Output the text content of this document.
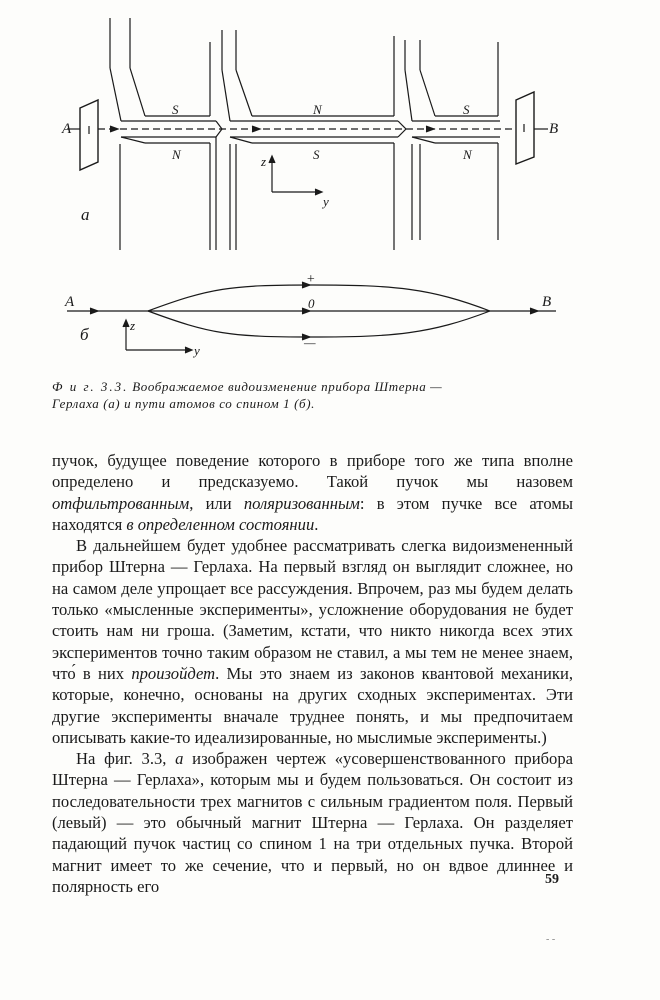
A	B
S
N
N
S
S
N
z
y
a
A	B
+
0
—
z
y
б
Ф и г. 3.3. Воображаемое видоизменение прибора Штерна —
Герлаха (а) и пути атомов со спином 1 (б).

пучок, будущее поведение которого в приборе того же типа вполне определено и предсказуемо. Такой пучок мы назовем отфильтрованным, или поляризованным: в этом пучке все атомы находятся в определенном состоянии.

В дальнейшем будет удобнее рассматривать слегка видоизмененный прибор Штерна — Герлаха. На первый взгляд он выглядит сложнее, но на самом деле упрощает все рассуждения. Впрочем, раз мы будем делать только «мысленные эксперименты», усложнение оборудования не будет стоить нам ни гроша. (Заметим, кстати, что никто никогда всех этих экспериментов точно таким образом не ставил, а мы тем не менее знаем, что́ в них произойдет. Мы это знаем из законов квантовой механики, которые, конечно, основаны на других сходных экспериментах. Эти другие эксперименты вначале труднее понять, и мы предпочитаем описывать какие-то идеализированные, но мыслимые эксперименты.)

На фиг. 3.3, а изображен чертеж «усовершенствованного прибора Штерна — Герлаха», которым мы и будем пользоваться. Он состоит из последовательности трех магнитов с сильным градиентом поля. Первый (левый) — это обычный магнит Штерна — Герлаха. Он разделяет падающий пучок частиц со спином 1 на три отдельных пучка. Второй магнит имеет то же сечение, что и первый, но он вдвое длиннее и полярность его	59
- -
